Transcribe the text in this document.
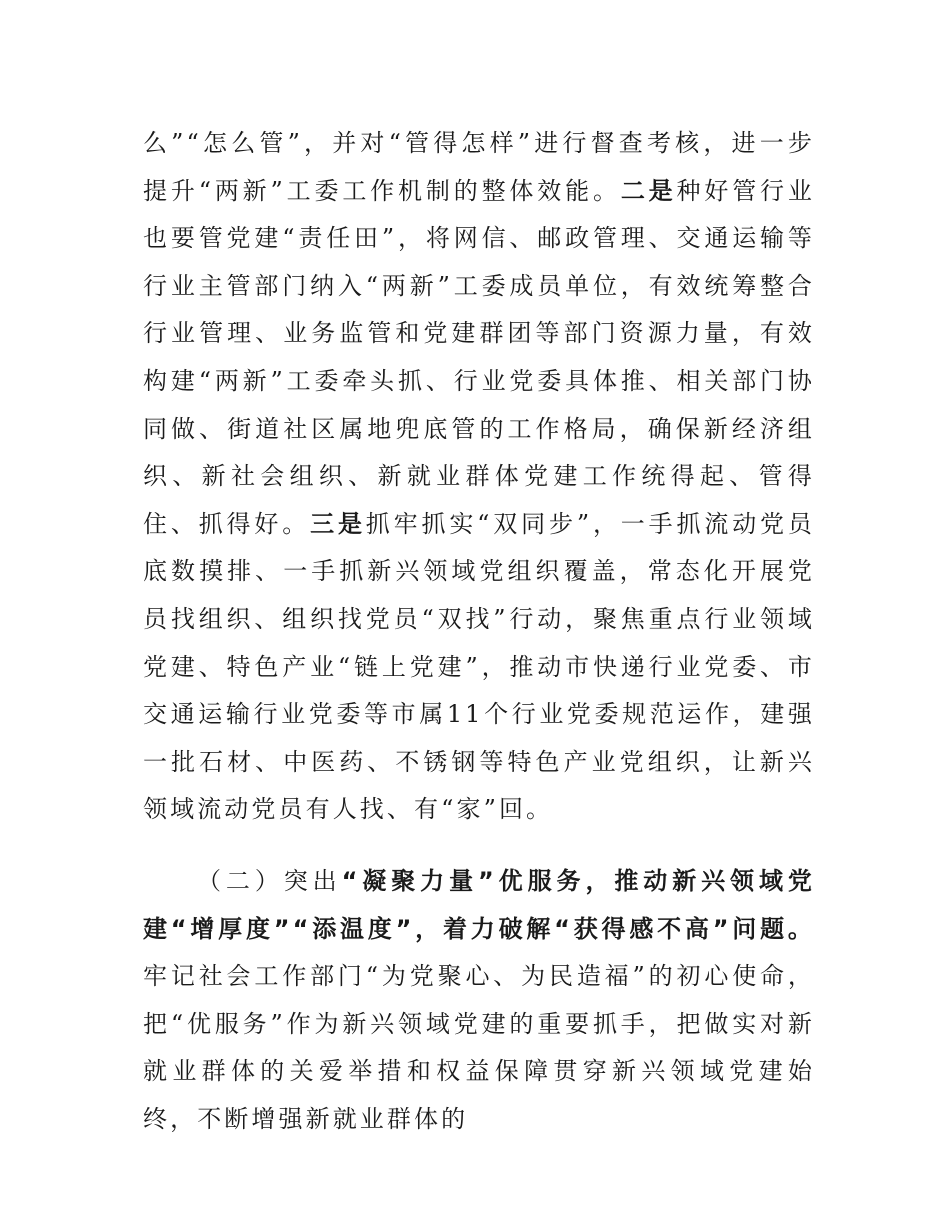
么”“怎么管”，并对“管得怎样”进行督查考核，进一步提升“两新”工委工作机制的整体效能。二是种好管行业也要管党建“责任田”，将网信、邮政管理、交通运输等行业主管部门纳入“两新”工委成员单位，有效统筹整合行业管理、业务监管和党建群团等部门资源力量，有效构建“两新”工委牵头抓、行业党委具体推、相关部门协同做、街道社区属地兜底管的工作格局，确保新经济组织、新社会组织、新就业群体党建工作统得起、管得住、抓得好。三是抓牢抓实“双同步”，一手抓流动党员底数摸排、一手抓新兴领域党组织覆盖，常态化开展党员找组织、组织找党员“双找”行动，聚焦重点行业领域党建、特色产业“链上党建”，推动市快递行业党委、市交通运输行业党委等市属11个行业党委规范运作，建强一批石材、中医药、不锈钢等特色产业党组织，让新兴领域流动党员有人找、有“家”回。

（二）突出“凝聚力量”优服务，推动新兴领域党建“增厚度”“添温度”，着力破解“获得感不高”问题。牢记社会工作部门“为党聚心、为民造福”的初心使命，把“优服务”作为新兴领域党建的重要抓手，把做实对新就业群体的关爱举措和权益保障贯穿新兴领域党建始终，不断增强新就业群体的
